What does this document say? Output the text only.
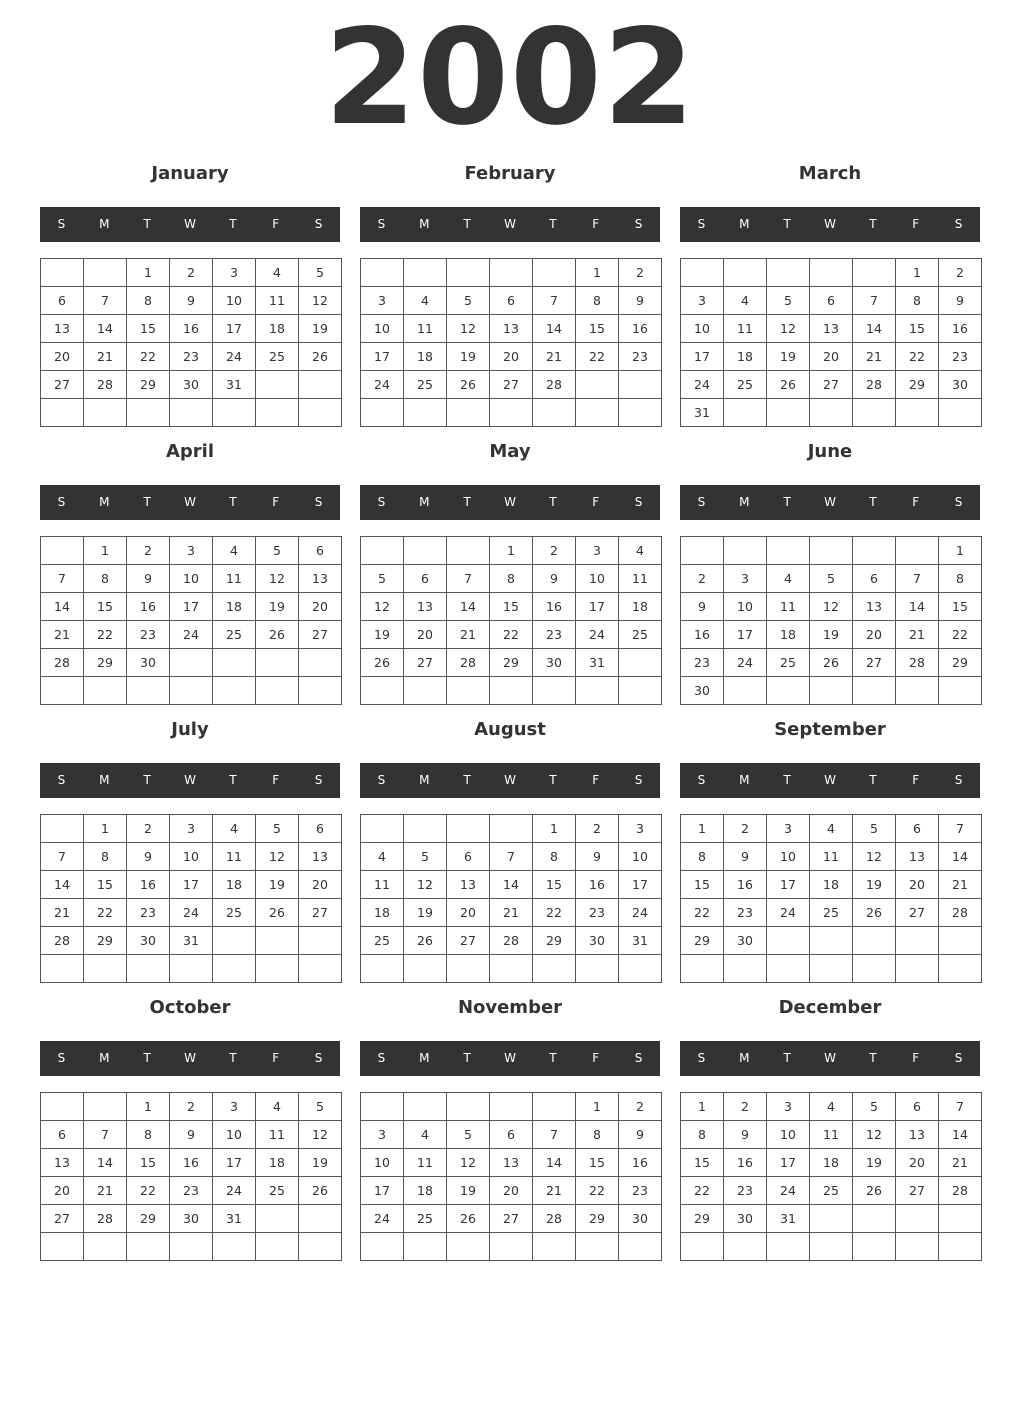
2002
January
S	M	T	W	T	F	S
		1	2	3	4	5
6	7	8	9	10	11	12
13	14	15	16	17	18	19
20	21	22	23	24	25	26
27	28	29	30	31		

February
S	M	T	W	T	F	S
					1	2
3	4	5	6	7	8	9
10	11	12	13	14	15	16
17	18	19	20	21	22	23
24	25	26	27	28		

March
S	M	T	W	T	F	S
					1	2
3	4	5	6	7	8	9
10	11	12	13	14	15	16
17	18	19	20	21	22	23
24	25	26	27	28	29	30
31						
April
S	M	T	W	T	F	S
	1	2	3	4	5	6
7	8	9	10	11	12	13
14	15	16	17	18	19	20
21	22	23	24	25	26	27
28	29	30				

May
S	M	T	W	T	F	S
			1	2	3	4
5	6	7	8	9	10	11
12	13	14	15	16	17	18
19	20	21	22	23	24	25
26	27	28	29	30	31	

June
S	M	T	W	T	F	S
						1
2	3	4	5	6	7	8
9	10	11	12	13	14	15
16	17	18	19	20	21	22
23	24	25	26	27	28	29
30						
July
S	M	T	W	T	F	S
	1	2	3	4	5	6
7	8	9	10	11	12	13
14	15	16	17	18	19	20
21	22	23	24	25	26	27
28	29	30	31			

August
S	M	T	W	T	F	S
				1	2	3
4	5	6	7	8	9	10
11	12	13	14	15	16	17
18	19	20	21	22	23	24
25	26	27	28	29	30	31

September
S	M	T	W	T	F	S
1	2	3	4	5	6	7
8	9	10	11	12	13	14
15	16	17	18	19	20	21
22	23	24	25	26	27	28
29	30					

October
S	M	T	W	T	F	S
		1	2	3	4	5
6	7	8	9	10	11	12
13	14	15	16	17	18	19
20	21	22	23	24	25	26
27	28	29	30	31		

November
S	M	T	W	T	F	S
					1	2
3	4	5	6	7	8	9
10	11	12	13	14	15	16
17	18	19	20	21	22	23
24	25	26	27	28	29	30

December
S	M	T	W	T	F	S
1	2	3	4	5	6	7
8	9	10	11	12	13	14
15	16	17	18	19	20	21
22	23	24	25	26	27	28
29	30	31				
